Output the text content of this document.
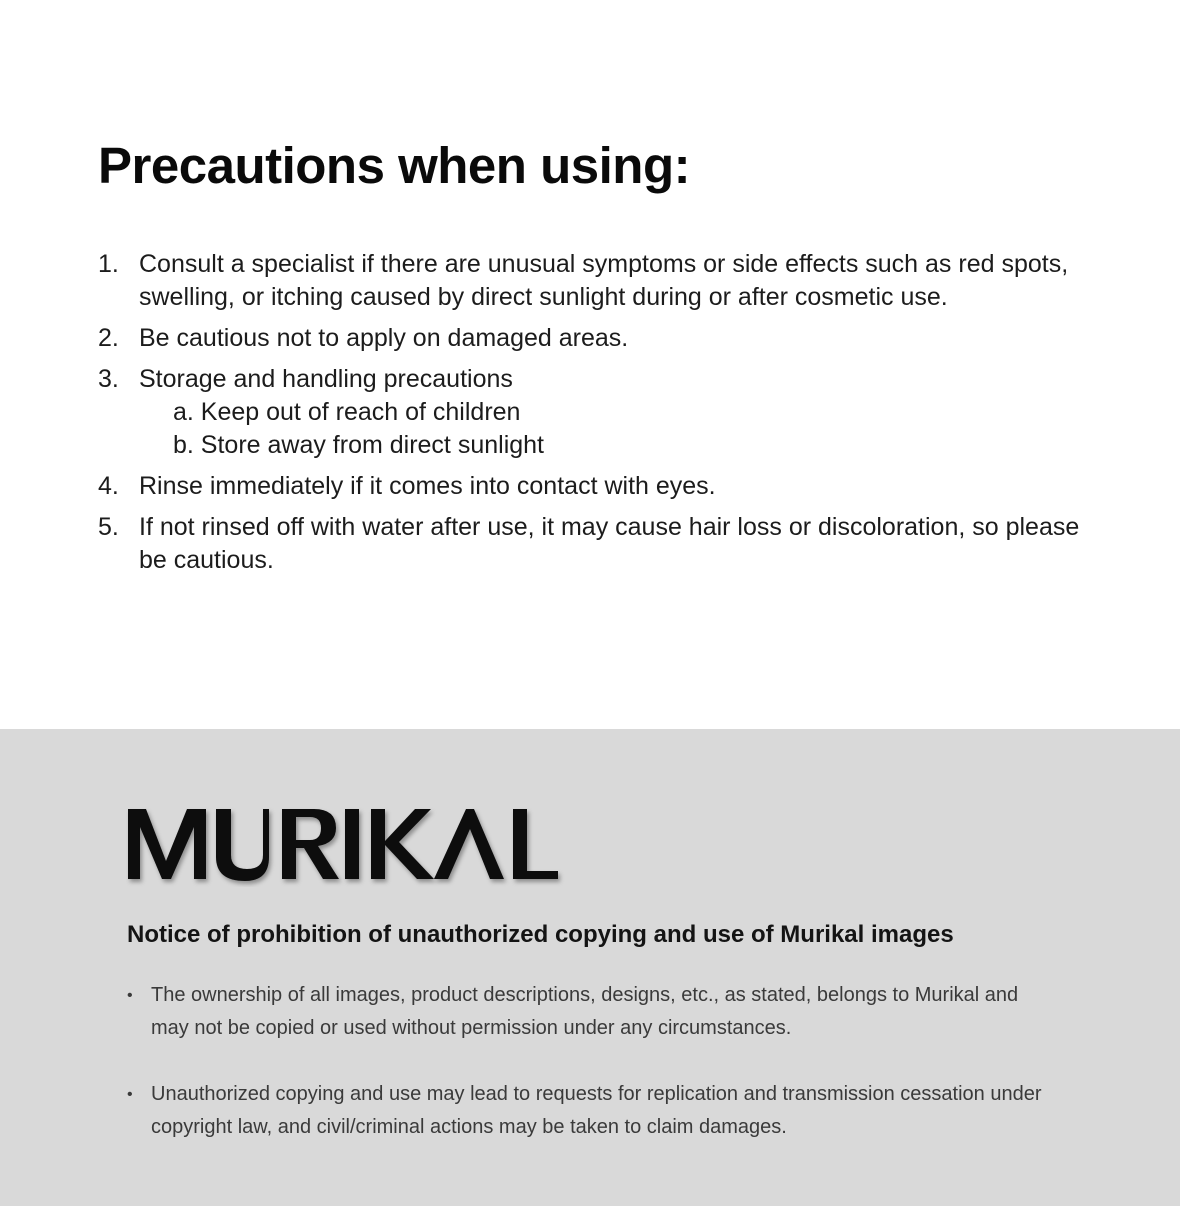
Precautions when using:
1. Consult a specialist if there are unusual symptoms or side effects such as red spots, swelling, or itching caused by direct sunlight during or after cosmetic use.
2. Be cautious not to apply on damaged areas.
3. Storage and handling precautions
a. Keep out of reach of children
b. Store away from direct sunlight
4. Rinse immediately if it comes into contact with eyes.
5. If not rinsed off with water after use, it may cause hair loss or discoloration, so please be cautious.
Notice of prohibition of unauthorized copying and use of Murikal images
• The ownership of all images, product descriptions, designs, etc., as stated, belongs to Murikal and may not be copied or used without permission under any circumstances.
• Unauthorized copying and use may lead to requests for replication and transmission cessation under copyright law, and civil/criminal actions may be taken to claim damages.
